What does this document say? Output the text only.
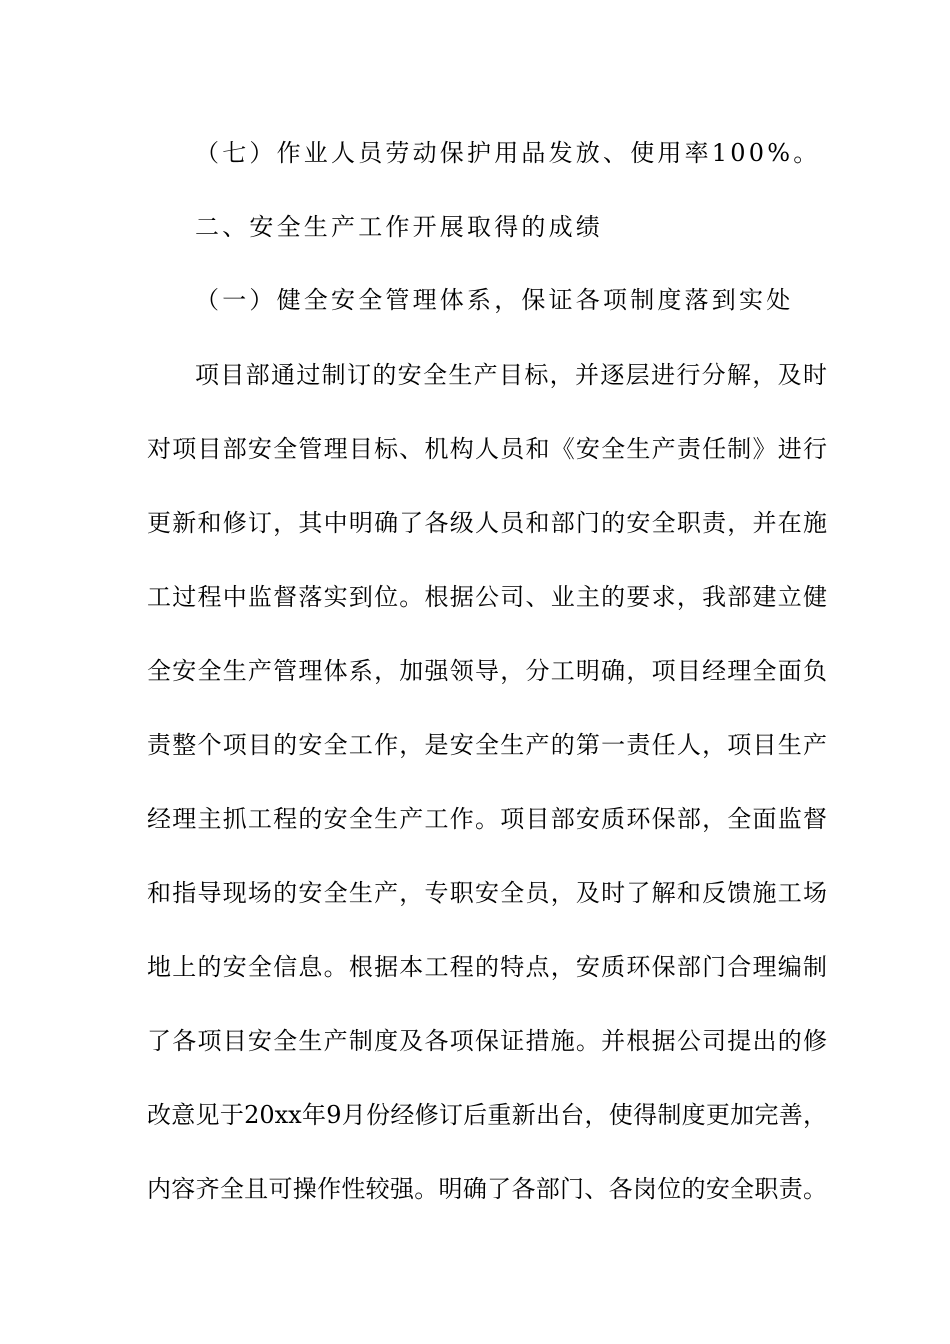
（七）作业人员劳动保护用品发放、使用率100%。
二、安全生产工作开展取得的成绩
（一）健全安全管理体系，保证各项制度落到实处
项目部通过制订的安全生产目标，并逐层进行分解，及时
对项目部安全管理目标、机构人员和《安全生产责任制》进行
更新和修订，其中明确了各级人员和部门的安全职责，并在施
工过程中监督落实到位。根据公司、业主的要求，我部建立健
全安全生产管理体系，加强领导，分工明确，项目经理全面负
责整个项目的安全工作，是安全生产的第一责任人，项目生产
经理主抓工程的安全生产工作。项目部安质环保部，全面监督
和指导现场的安全生产，专职安全员，及时了解和反馈施工场
地上的安全信息。根据本工程的特点，安质环保部门合理编制
了各项目安全生产制度及各项保证措施。并根据公司提出的修
改意见于20xx年9月份经修订后重新出台，使得制度更加完善，
内容齐全且可操作性较强。明确了各部门、各岗位的安全职责。
